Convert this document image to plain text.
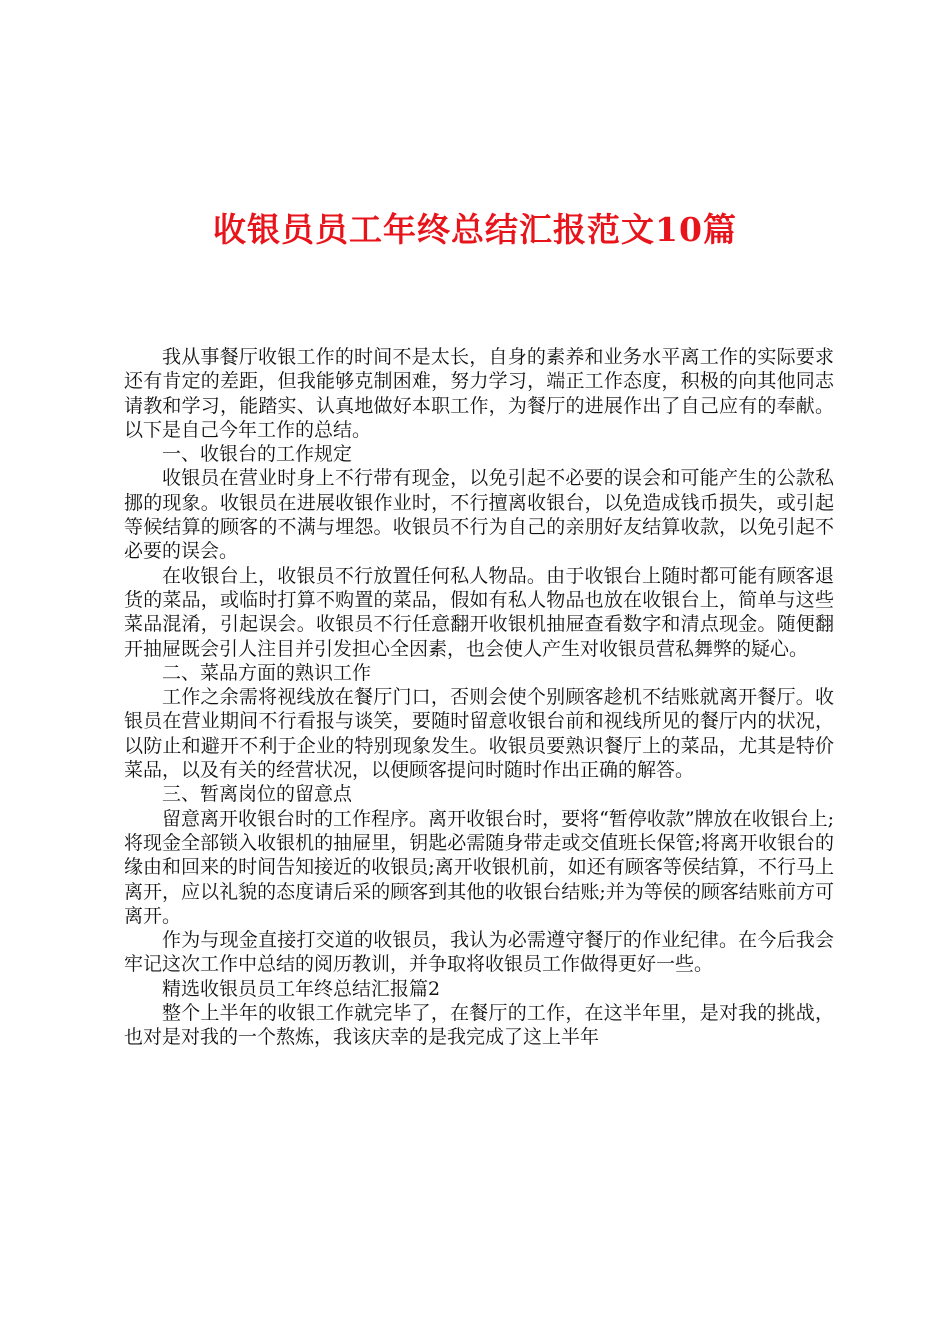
收银员员工年终总结汇报范文10篇

我从事餐厅收银工作的时间不是太长，自身的素养和业务水平离工作的实际要求还有肯定的差距，但我能够克制困难，努力学习，端正工作态度，积极的向其他同志请教和学习，能踏实、认真地做好本职工作，为餐厅的进展作出了自己应有的奉献。以下是自己今年工作的总结。

一、收银台的工作规定

收银员在营业时身上不行带有现金，以免引起不必要的误会和可能产生的公款私挪的现象。收银员在进展收银作业时，不行擅离收银台，以免造成钱币损失，或引起等候结算的顾客的不满与埋怨。收银员不行为自己的亲朋好友结算收款，以免引起不必要的误会。

在收银台上，收银员不行放置任何私人物品。由于收银台上随时都可能有顾客退货的菜品，或临时打算不购置的菜品，假如有私人物品也放在收银台上，简单与这些菜品混淆，引起误会。收银员不行任意翻开收银机抽屉查看数字和清点现金。随便翻开抽屉既会引人注目并引发担心全因素，也会使人产生对收银员营私舞弊的疑心。

二、菜品方面的熟识工作

工作之余需将视线放在餐厅门口，否则会使个别顾客趁机不结账就离开餐厅。收银员在营业期间不行看报与谈笑，要随时留意收银台前和视线所见的餐厅内的状况，以防止和避开不利于企业的特别现象发生。收银员要熟识餐厅上的菜品，尤其是特价菜品，以及有关的经营状况，以便顾客提问时随时作出正确的解答。

三、暂离岗位的留意点

留意离开收银台时的工作程序。离开收银台时，要将“暂停收款”牌放在收银台上;将现金全部锁入收银机的抽屉里，钥匙必需随身带走或交值班长保管;将离开收银台的缘由和回来的时间告知接近的收银员;离开收银机前，如还有顾客等侯结算，不行马上离开，应以礼貌的态度请后采的顾客到其他的收银台结账;并为等侯的顾客结账前方可离开。

作为与现金直接打交道的收银员，我认为必需遵守餐厅的作业纪律。在今后我会牢记这次工作中总结的阅历教训，并争取将收银员工作做得更好一些。

精选收银员员工年终总结汇报篇2

整个上半年的收银工作就完毕了，在餐厅的工作，在这半年里，是对我的挑战，也对是对我的一个熬炼，我该庆幸的是我完成了这上半年
